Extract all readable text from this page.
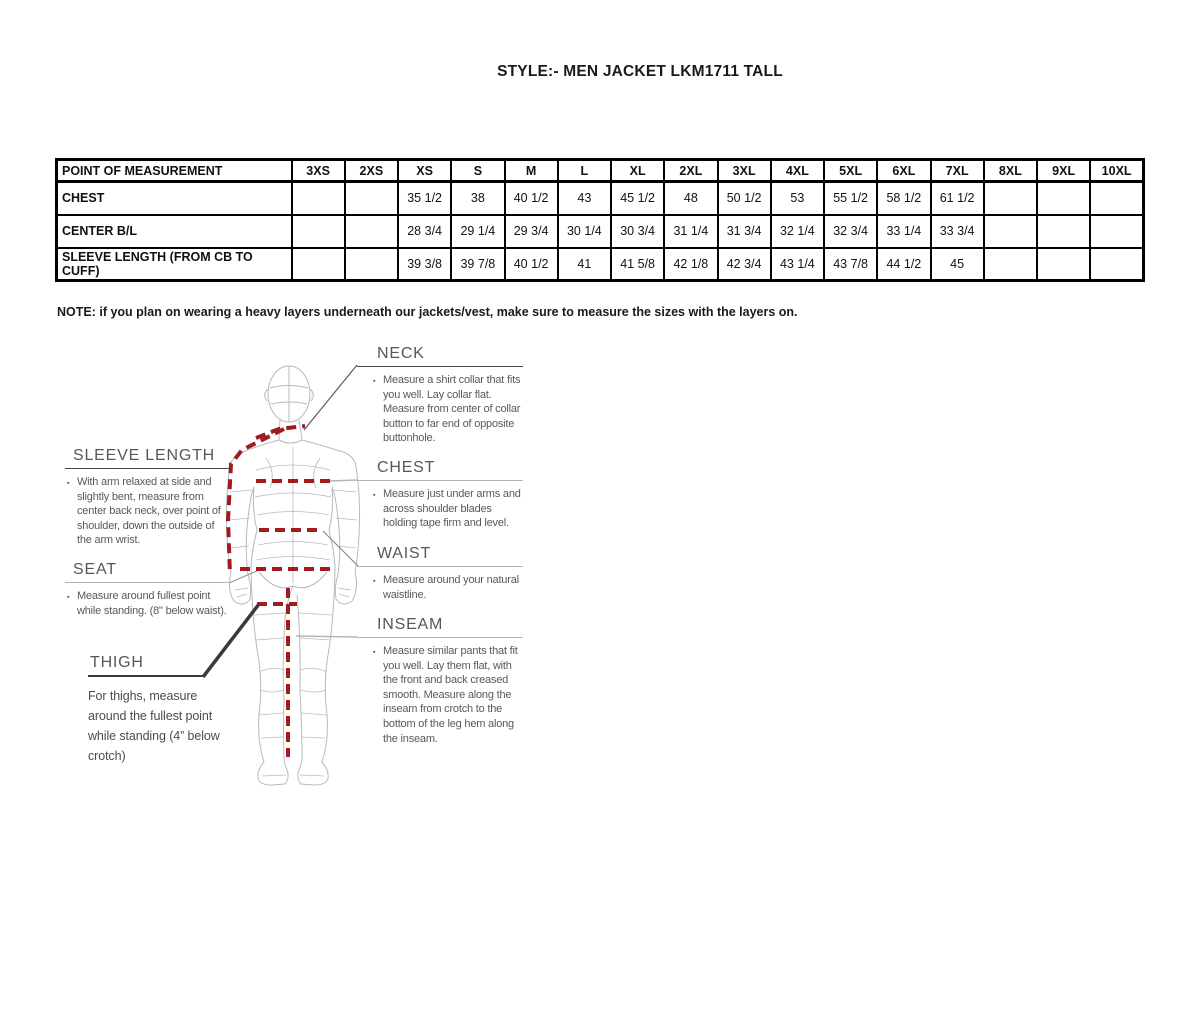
STYLE:- MEN JACKET LKM1711 TALL
POINT OF MEASUREMENT	3XS	2XS	XS	S	M	L	XL	2XL	3XL	4XL	5XL	6XL	7XL	8XL	9XL	10XL
CHEST			35 1/2	38	40 1/2	43	45 1/2	48	50 1/2	53	55 1/2	58 1/2	61 1/2			
CENTER B/L			28 3/4	29 1/4	29 3/4	30 1/4	30 3/4	31 1/4	31 3/4	32 1/4	32 3/4	33 1/4	33 3/4			
SLEEVE LENGTH (FROM CB TO CUFF)			39 3/8	39 7/8	40 1/2	41	41 5/8	42 1/8	42 3/4	43 1/4	43 7/8	44 1/2	45			
NOTE: if you plan on wearing a heavy layers underneath our jackets/vest, make sure to measure the sizes with the layers on.
NECK
▪ Measure a shirt collar that fits you well. Lay collar flat. Measure from center of collar button to far end of opposite buttonhole.
CHEST
▪ Measure just under arms and across shoulder blades holding tape firm and level.
WAIST
▪ Measure around your natural waistline.
INSEAM
▪ Measure similar pants that fit you well. Lay them flat, with the front and back creased smooth. Measure along the inseam from crotch to the bottom of the leg hem along the inseam.
SLEEVE LENGTH
▪ With arm relaxed at side and slightly bent, measure from center back neck, over point of shoulder, down the outside of the arm wrist.
SEAT
▪ Measure around fullest point while standing. (8" below waist).
THIGH
For thighs, measure around the fullest point while standing (4” below crotch)
